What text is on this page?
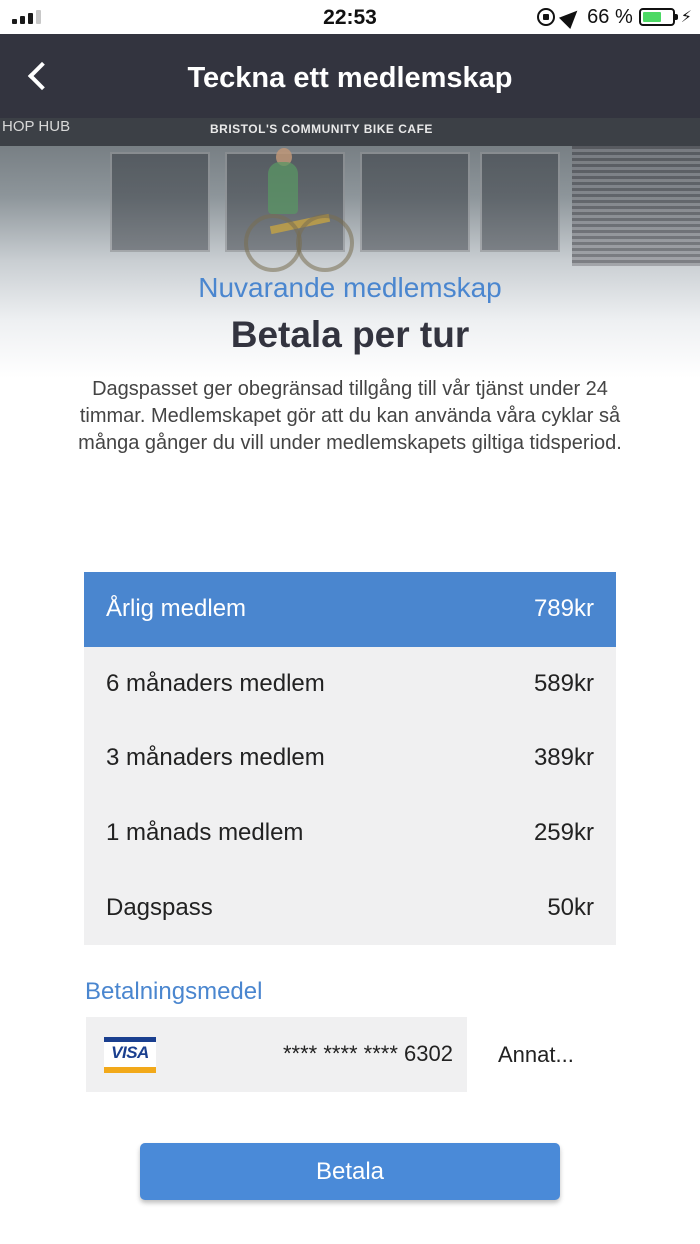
22:53	66 %	⚡
Teckna ett medlemskap
HOP HUB	BRISTOL'S COMMUNITY BIKE CAFE
Nuvarande medlemskap
Betala per tur
Dagspasset ger obegränsad tillgång till vår tjänst under 24 timmar. Medlemskapet gör att du kan använda våra cyklar så många gånger du vill under medlemskapets giltiga tidsperiod.
Årlig medlem	789kr
6 månaders medlem	589kr
3 månaders medlem	389kr
1 månads medlem	259kr
Dagspass	50kr
Betalningsmedel
VISA	**** **** **** 6302 Annat...
Betala
